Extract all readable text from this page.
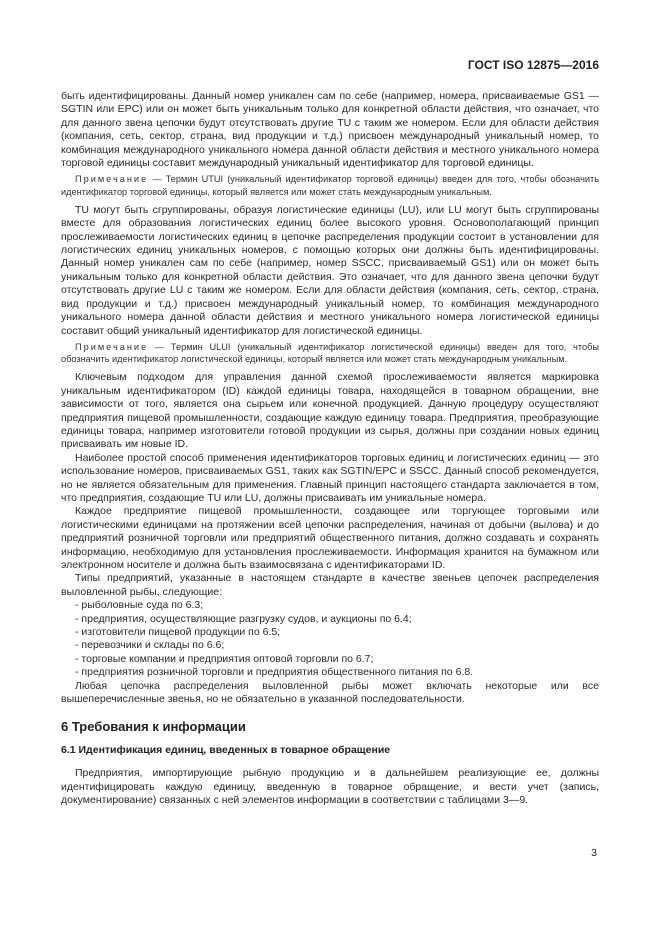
ГОСТ ISO 12875—2016

быть идентифицированы. Данный номер уникален сам по себе (например, номера, присваиваемые GS1 — SGTIN или EPC) или он может быть уникальным только для конкретной области действия, что означает, что для данного звена цепочки будут отсутствовать другие TU с таким же номером. Если для области действия (компания, сеть, сектор, страна, вид продукции и т.д.) присвоен международный уникальный номер, то комбинация международного уникального номера данной области действия и местного уникального номера торговой единицы составит международный уникальный идентификатор для торговой единицы.

Примечание — Термин UTUI (уникальный идентификатор торговой единицы) введен для того, чтобы обозначить идентификатор торговой единицы, который является или может стать международным уникальным.

TU могут быть сгруппированы, образуя логистические единицы (LU), или LU могут быть сгруппированы вместе для образования логистических единиц более высокого уровня. Основополагающий принцип прослеживаемости логистических единиц в цепочке распределения продукции состоит в установлении для логистических единиц уникальных номеров, с помощью которых они должны быть идентифицированы. Данный номер уникален сам по себе (например, номер SSCC, присваиваемый GS1) или он может быть уникальным только для конкретной области действия. Это означает, что для данного звена цепочки будут отсутствовать другие LU с таким же номером. Если для области действия (компания, сеть, сектор, страна, вид продукции и т.д.) присвоен международный уникальный номер, то комбинация международного уникального номера данной области действия и местного уникального номера логистической единицы составит общий уникальный идентификатор для логистической единицы.

Примечание — Термин ULUI (уникальный идентификатор логистической единицы) введен для того, чтобы обозначить идентификатор логистической единицы, который является или может стать международным уникальным.

Ключевым подходом для управления данной схемой прослеживаемости является маркировка уникальным идентификатором (ID) каждой единицы товара, находящейся в товарном обращении, вне зависимости от того, является она сырьем или конечной продукцией. Данную процедуру осуществляют предприятия пищевой промышленности, создающие каждую единицу товара. Предприятия, преобразующие единицы товара, например изготовители готовой продукции из сырья, должны при создании новых единиц присваивать им новые ID.

Наиболее простой способ применения идентификаторов торговых единиц и логистических единиц — это использование номеров, присваиваемых GS1, таких как SGTIN/EPC и SSCC. Данный способ рекомендуется, но не является обязательным для применения. Главный принцип настоящего стандарта заключается в том, что предприятия, создающие TU или LU, должны присваивать им уникальные номера.

Каждое предприятие пищевой промышленности, создающее или торгующее торговыми или логистическими единицами на протяжении всей цепочки распределения, начиная от добычи (вылова) и до предприятий розничной торговли или предприятий общественного питания, должно создавать и сохранять информацию, необходимую для установления прослеживаемости. Информация хранится на бумажном или электронном носителе и должна быть взаимосвязана с идентификаторами ID.

Типы предприятий, указанные в настоящем стандарте в качестве звеньев цепочек распределения выловленной рыбы, следующие:

- рыболовные суда по 6.3;
- предприятия, осуществляющие разгрузку судов, и аукционы по 6.4;
- изготовители пищевой продукции по 6.5;
- перевозчики и склады по 6.6;
- торговые компании и предприятия оптовой торговли по 6.7;
- предприятия розничной торговли и предприятия общественного питания по 6.8.

Любая цепочка распределения выловленной рыбы может включать некоторые или все вышеперечисленные звенья, но не обязательно в указанной последовательности.

6 Требования к информации
6.1 Идентификация единиц, введенных в товарное обращение

Предприятия, импортирующие рыбную продукцию и в дальнейшем реализующие ее, должны идентифицировать каждую единицу, введенную в товарное обращение, и вести учет (запись, документирование) связанных с ней элементов информации в соответствии с таблицами 3—9.

3
